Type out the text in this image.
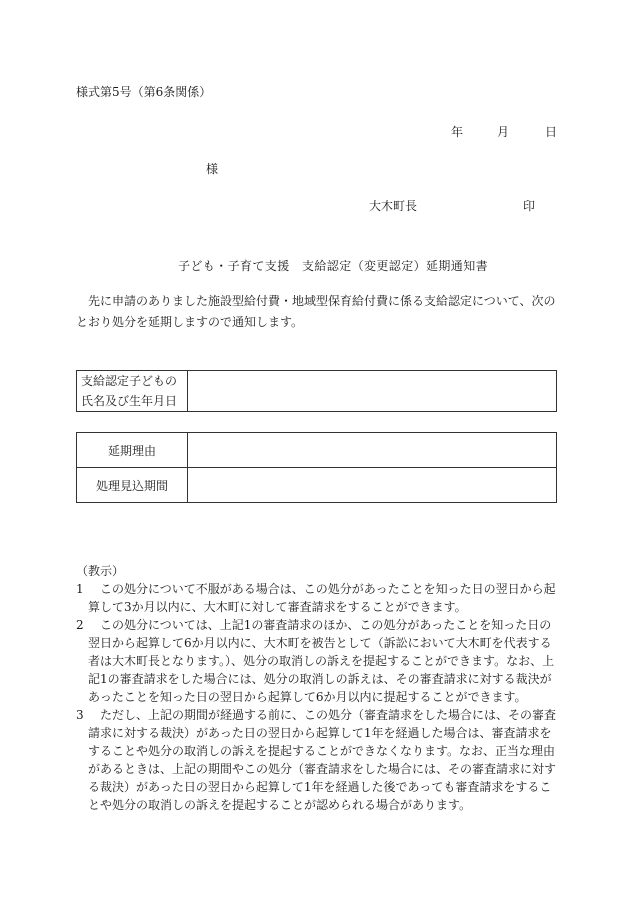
様式第5号（第6条関係）
年	月	日
様
大木町長	印
子ども・子育て支援　支給認定（変更認定）延期通知書

先に申請のありました施設型給付費・地域型保育給付費に係る支給認定について、次のとおり処分を延期しますので通知します。

支給認定子どもの
氏名及び生年月日

延期理由	
処理見込期間	

（教示）

1　 この処分について不服がある場合は、この処分があったことを知った日の翌日から起算して3か月以内に、大木町に対して審査請求をすることができます。

2　 この処分については、上記1の審査請求のほか、この処分があったことを知った日の翌日から起算して6か月以内に、大木町を被告として（訴訟において大木町を代表する者は大木町長となります。）、処分の取消しの訴えを提起することができます。なお、上記1の審査請求をした場合には、処分の取消しの訴えは、その審査請求に対する裁決があったことを知った日の翌日から起算して6か月以内に提起することができます。

3　 ただし、上記の期間が経過する前に、この処分（審査請求をした場合には、その審査請求に対する裁決）があった日の翌日から起算して1年を経過した場合は、審査請求をすることや処分の取消しの訴えを提起することができなくなります。なお、正当な理由があるときは、上記の期間やこの処分（審査請求をした場合には、その審査請求に対する裁決）があった日の翌日から起算して1年を経過した後であっても審査請求をすることや処分の取消しの訴えを提起することが認められる場合があります。
